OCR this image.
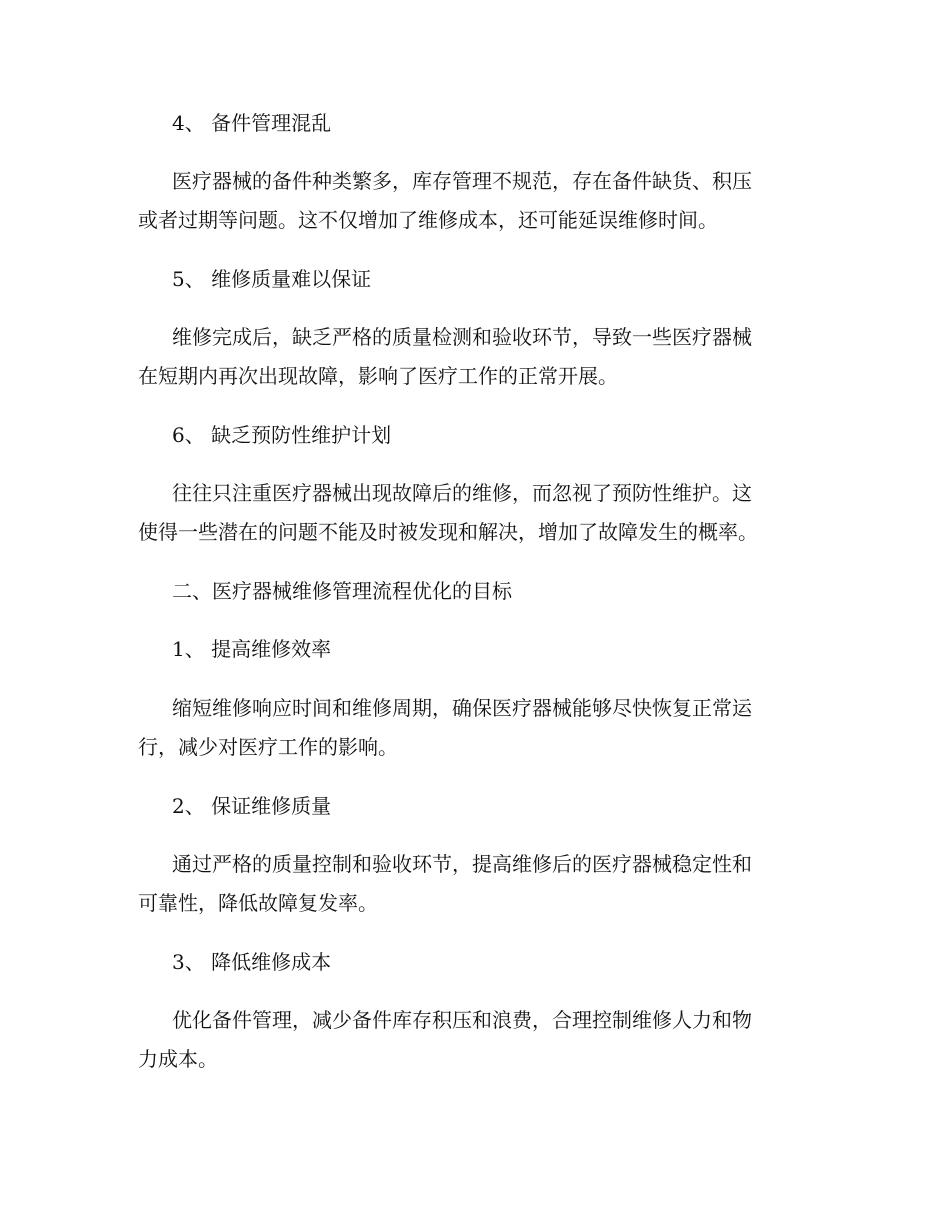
4、 备件管理混乱

医疗器械的备件种类繁多，库存管理不规范，存在备件缺货、积压

或者过期等问题。这不仅增加了维修成本，还可能延误维修时间。

5、 维修质量难以保证

维修完成后，缺乏严格的质量检测和验收环节，导致一些医疗器械

在短期内再次出现故障，影响了医疗工作的正常开展。

6、 缺乏预防性维护计划

往往只注重医疗器械出现故障后的维修，而忽视了预防性维护。这

使得一些潜在的问题不能及时被发现和解决，增加了故障发生的概率。

二、医疗器械维修管理流程优化的目标

1、 提高维修效率

缩短维修响应时间和维修周期，确保医疗器械能够尽快恢复正常运

行，减少对医疗工作的影响。

2、 保证维修质量

通过严格的质量控制和验收环节，提高维修后的医疗器械稳定性和

可靠性，降低故障复发率。

3、 降低维修成本

优化备件管理，减少备件库存积压和浪费，合理控制维修人力和物

力成本。
